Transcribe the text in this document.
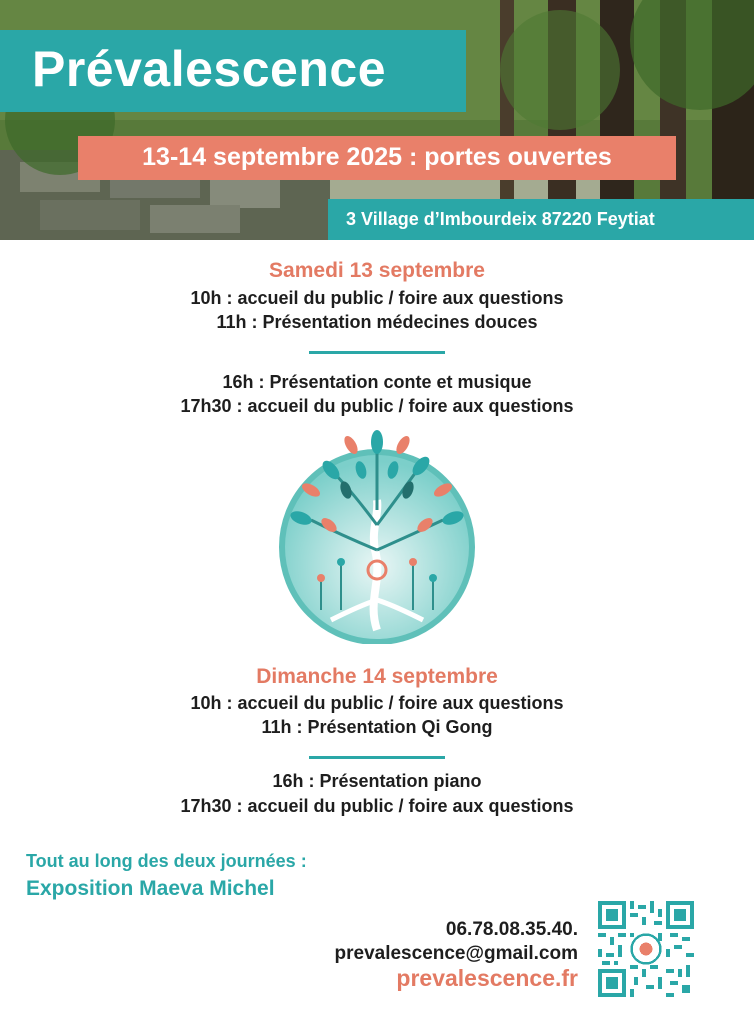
Prévalescence
13-14 septembre 2025 : portes ouvertes
3 Village d’Imbourdeix 87220 Feytiat
Samedi 13 septembre
10h : accueil du public / foire aux questions
11h : Présentation médecines douces
16h : Présentation conte et musique
17h30 : accueil du public / foire aux questions
Dimanche 14 septembre
10h : accueil du public / foire aux questions
11h : Présentation Qi Gong
16h : Présentation piano
17h30 : accueil du public / foire aux questions
Tout au long des deux journées :
Exposition Maeva Michel
06.78.08.35.40.
prevalescence@gmail.com
prevalescence.fr
